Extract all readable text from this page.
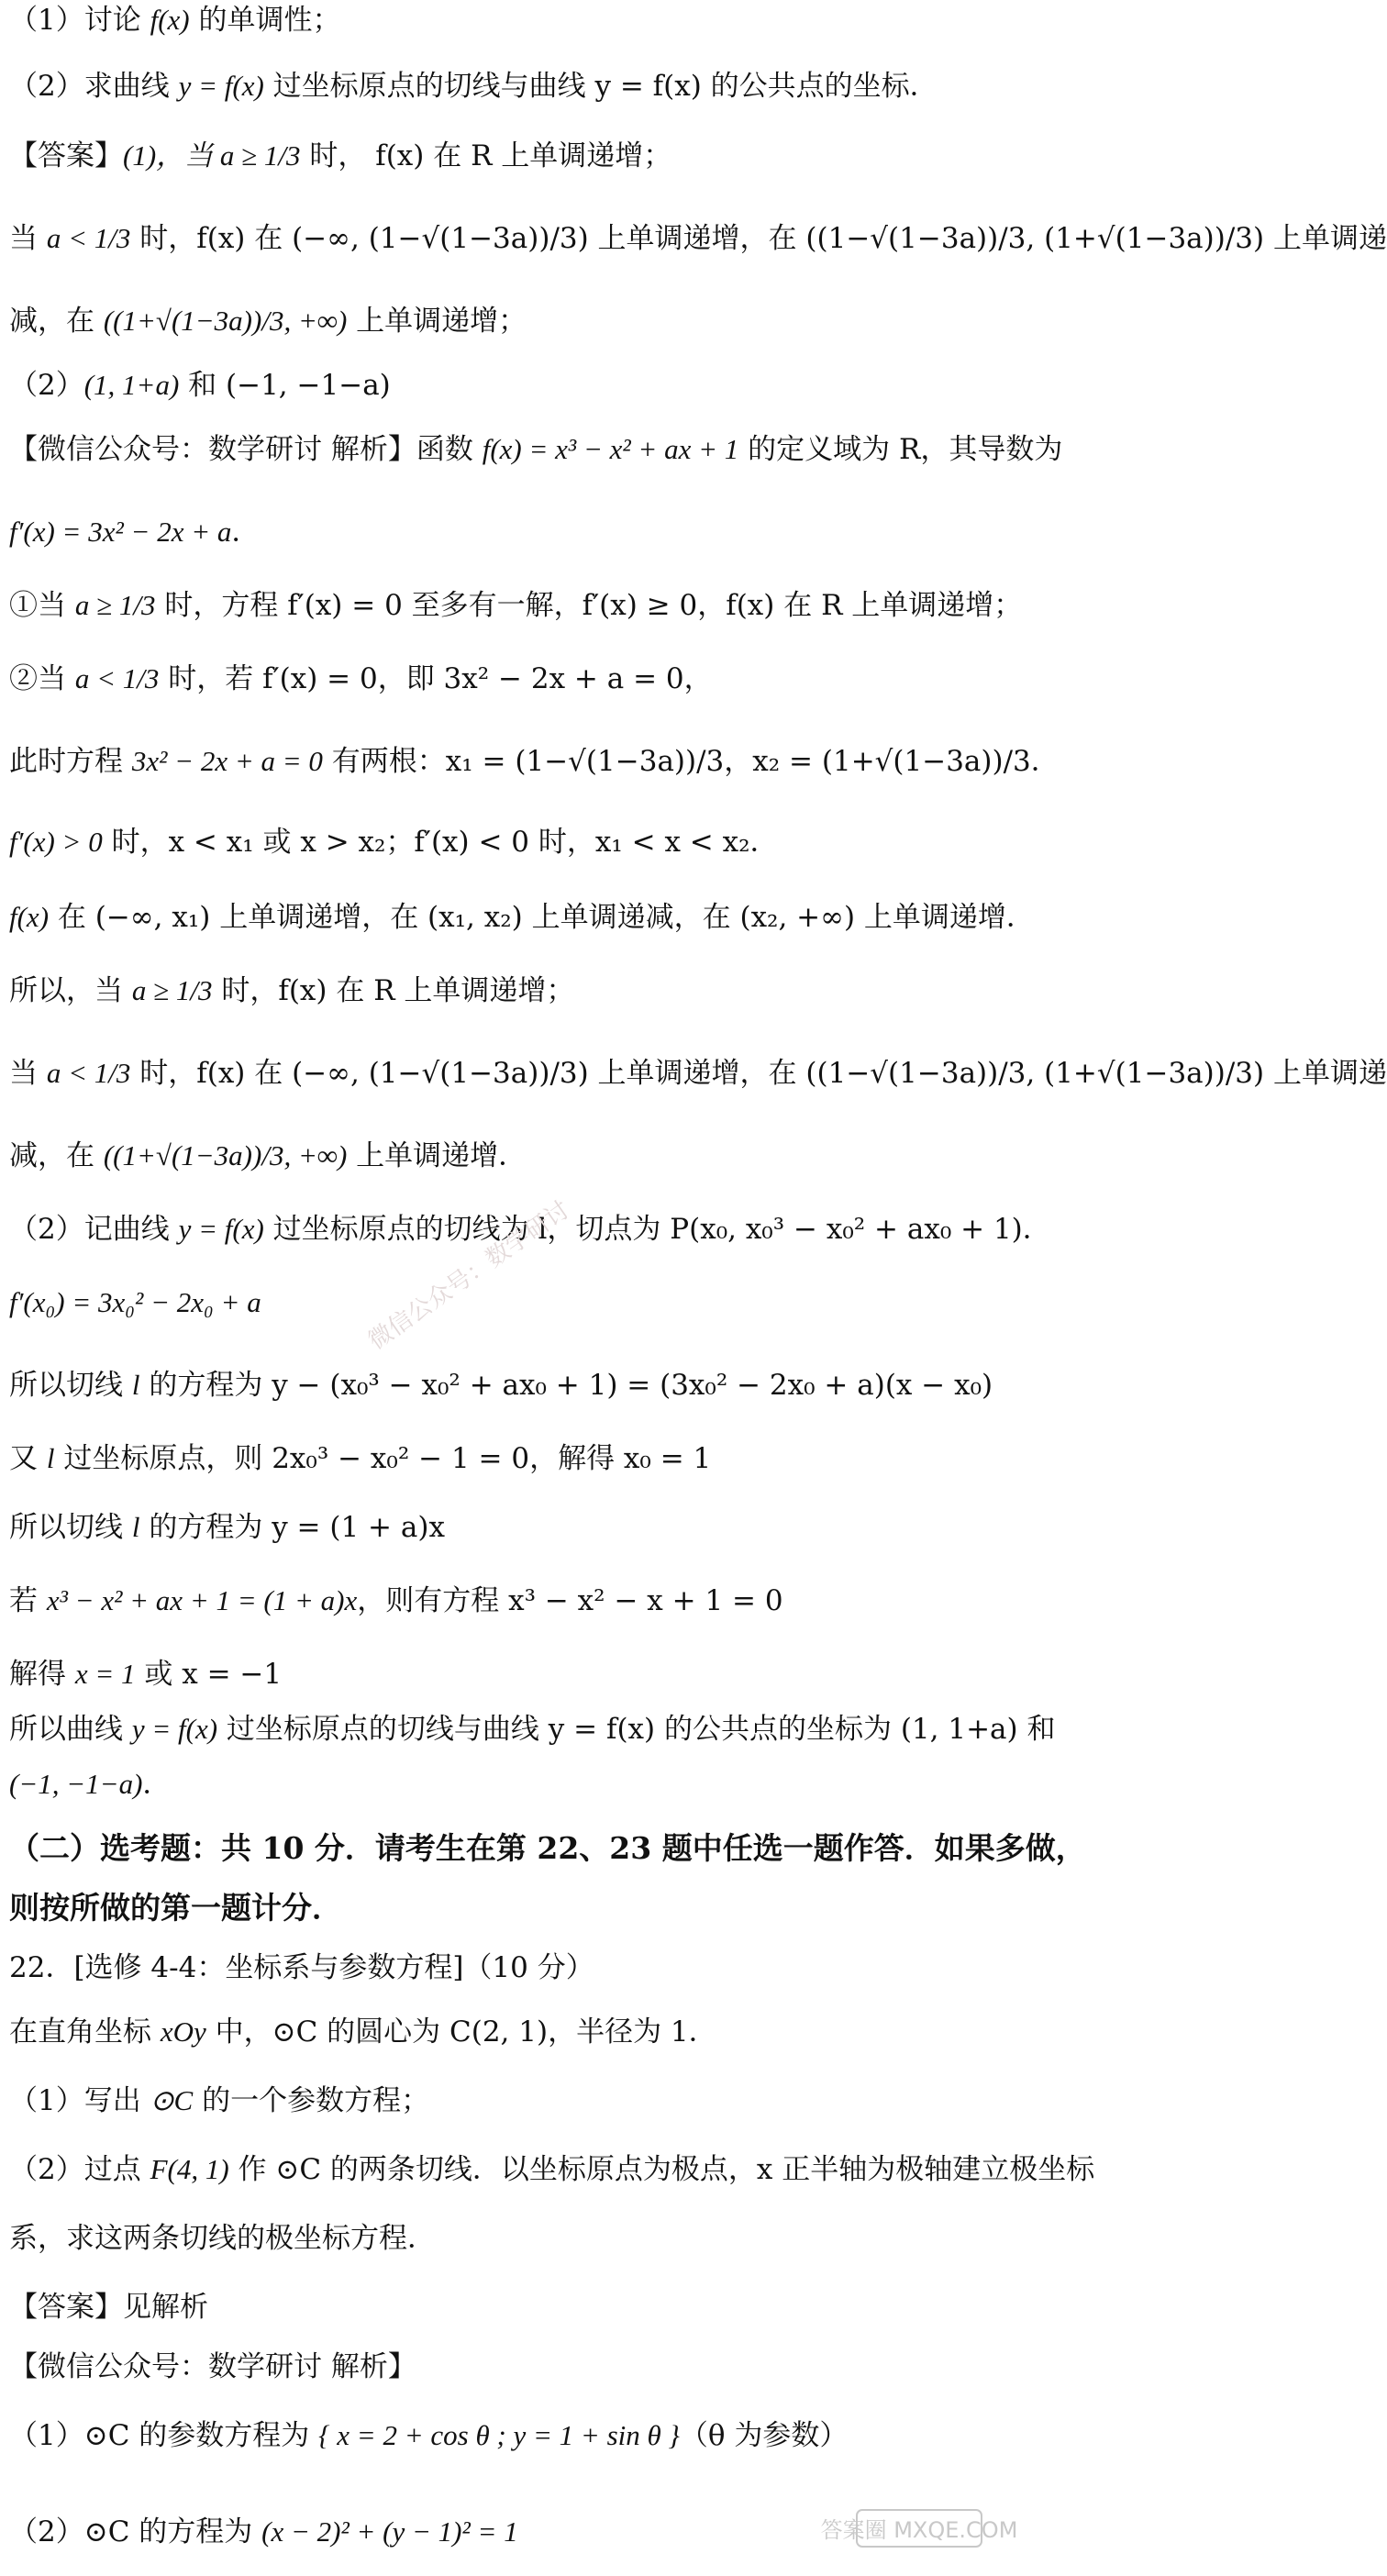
（1）讨论 f(x) 的单调性；
（2）求曲线 y = f(x) 过坐标原点的切线与曲线 y = f(x) 的公共点的坐标．
【答案】(1)，当 a ≥ 1/3 时， f(x) 在 R 上单调递增；
当 a < 1/3 时，f(x) 在 (−∞, (1−√(1−3a))/3) 上单调递增，在 ((1−√(1−3a))/3, (1+√(1−3a))/3) 上单调递
减，在 ((1+√(1−3a))/3, +∞) 上单调递增；
（2）(1, 1+a) 和 (−1, −1−a)
【微信公众号：数学研讨 解析】函数 f(x) = x³ − x² + ax + 1 的定义域为 R，其导数为
f′(x) = 3x² − 2x + a．
①当 a ≥ 1/3 时，方程 f′(x) = 0 至多有一解，f′(x) ≥ 0，f(x) 在 R 上单调递增；
②当 a < 1/3 时，若 f′(x) = 0，即 3x² − 2x + a = 0，
此时方程 3x² − 2x + a = 0 有两根：x₁ = (1−√(1−3a))/3，x₂ = (1+√(1−3a))/3．
f′(x) > 0 时，x < x₁ 或 x > x₂；f′(x) < 0 时，x₁ < x < x₂．
f(x) 在 (−∞, x₁) 上单调递增，在 (x₁, x₂) 上单调递减，在 (x₂, +∞) 上单调递增．
所以，当 a ≥ 1/3 时，f(x) 在 R 上单调递增；
当 a < 1/3 时，f(x) 在 (−∞, (1−√(1−3a))/3) 上单调递增，在 ((1−√(1−3a))/3, (1+√(1−3a))/3) 上单调递
减，在 ((1+√(1−3a))/3, +∞) 上单调递增．
（2）记曲线 y = f(x) 过坐标原点的切线为 l，切点为 P(x₀, x₀³ − x₀² + ax₀ + 1)．
f′(x₀) = 3x₀² − 2x₀ + a
所以切线 l 的方程为 y − (x₀³ − x₀² + ax₀ + 1) = (3x₀² − 2x₀ + a)(x − x₀)
又 l 过坐标原点，则 2x₀³ − x₀² − 1 = 0，解得 x₀ = 1
所以切线 l 的方程为 y = (1 + a)x
若 x³ − x² + ax + 1 = (1 + a)x，则有方程 x³ − x² − x + 1 = 0
解得 x = 1 或 x = −1
所以曲线 y = f(x) 过坐标原点的切线与曲线 y = f(x) 的公共点的坐标为 (1, 1+a) 和
(−1, −1−a)．
（二）选考题：共 10 分．请考生在第 22、23 题中任选一题作答．如果多做，
则按所做的第一题计分．
22．[选修 4-4：坐标系与参数方程]（10 分）
在直角坐标 xOy 中，⊙C 的圆心为 C(2, 1)，半径为 1．
（1）写出 ⊙C 的一个参数方程；
（2）过点 F(4, 1) 作 ⊙C 的两条切线．以坐标原点为极点，x 正半轴为极轴建立极坐标
系，求这两条切线的极坐标方程．
【答案】见解析
【微信公众号：数学研讨 解析】
（1）⊙C 的参数方程为 { x = 2 + cos θ ; y = 1 + sin θ }（θ 为参数）
（2）⊙C 的方程为 (x − 2)² + (y − 1)² = 1
微信公众号：数学研讨
答案圈 MXQE.COM
